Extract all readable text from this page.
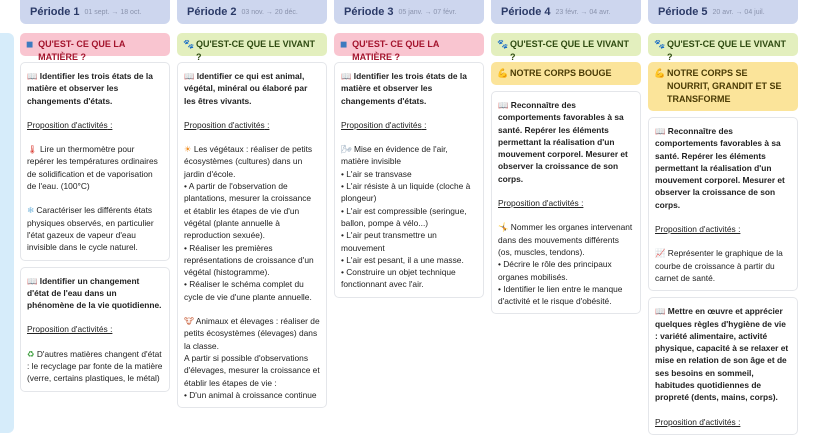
Période 1 01 sept. → 18 oct.
◼ QU'EST- CE QUE LA MATIÈRE ?
📖 Identifier les trois états de la matière et observer les changements d'états.
Proposition d'activités :
🌡 Lire un thermomètre pour repérer les températures ordinaires de solidification et de vaporisation de l'eau. (100°C)
❄ Caractériser les différents états physiques observés, en particulier l'état gazeux de vapeur d'eau invisible dans le cycle naturel.
📖 Identifier un changement d'état de l'eau dans un phénomène de la vie quotidienne.
Proposition d'activités :
♻ D'autres matières changent d'état : le recyclage par fonte de la matière (verre, certains plastiques, le métal)
Période 2 03 nov. → 20 déc.
🐾 QU'EST-CE QUE LE VIVANT ?
📖 Identifier ce qui est animal, végétal, minéral ou élaboré par les êtres vivants.
Proposition d'activités :
☀ Les végétaux : réaliser de petits écosystèmes (cultures) dans un jardin d'école.
• A partir de l'observation de plantations, mesurer la croissance et établir les étapes de vie d'un végétal (plante annuelle à reproduction sexuée).
• Réaliser les premières représentations de croissance d'un végétal (histogramme).
• Réaliser le schéma complet du cycle de vie d'une plante annuelle.
🐮 Animaux et élevages : réaliser de petits écosystèmes (élevages) dans la classe.
A partir si possible d'observations d'élevages, mesurer la croissance et établir les étapes de vie :
• D'un animal à croissance continue
Période 3 05 janv. → 07 févr.
◼ QU'EST- CE QUE LA MATIÈRE ?
📖 Identifier les trois états de la matière et observer les changements d'états.
Proposition d'activités :
🌬 Mise en évidence de l'air, matière invisible
• L'air se transvase
• L'air résiste à un liquide (cloche à plongeur)
• L'air est compressible (seringue, ballon, pompe à vélo...)
• L'air peut transmettre un mouvement
• L'air est pesant, il a une masse.
• Construire un objet technique fonctionnant avec l'air.
Période 4 23 févr. → 04 avr.
🐾 QU'EST-CE QUE LE VIVANT ?
💪 NOTRE CORPS BOUGE
📖 Reconnaître des comportements favorables à sa santé. Repérer les éléments permettant la réalisation d'un mouvement corporel. Mesurer et observer la croissance de son corps.
Proposition d'activités :
🤸 Nommer les organes intervenant dans des mouvements différents (os, muscles, tendons).
• Décrire le rôle des principaux organes mobilisés.
• Identifier le lien entre le manque d'activité et le risque d'obésité.
Période 5 20 avr. → 04 juil.
🐾 QU'EST-CE QUE LE VIVANT ?
💪 NOTRE CORPS SE NOURRIT, GRANDIT ET SE TRANSFORME
📖 Reconnaître des comportements favorables à sa santé. Repérer les éléments permettant la réalisation d'un mouvement corporel. Mesurer et observer la croissance de son corps.
Proposition d'activités :
📈 Représenter le graphique de la courbe de croissance à partir du carnet de santé.
📖 Mettre en œuvre et apprécier quelques règles d'hygiène de vie : variété alimentaire, activité physique, capacité à se relaxer et mise en relation de son âge et de ses besoins en sommeil, habitudes quotidiennes de propreté (dents, mains, corps).
Proposition d'activités :
